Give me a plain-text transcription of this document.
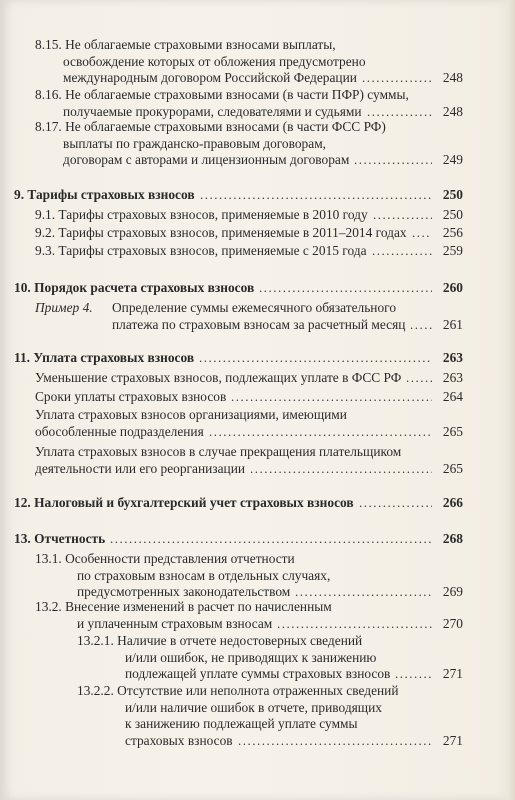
8.15. Не облагаемые страховыми взносами выплаты,
освобождение которых от обложения предусмотрено
международным договором Российской Федерации	248
.....
8.16. Не облагаемые страховыми взносами (в части ПФР) суммы,
получаемые прокурорами, следователями и судьями	248
.....
8.17. Не облагаемые страховыми взносами (в части ФСС РФ)
выплаты по гражданско-правовым договорам,
договорам с авторами и лицензионным договорам	249
.....
9. Тарифы страховых взносов	250
.....
9.1. Тарифы страховых взносов, применяемые в 2010 году	250
.....
9.2. Тарифы страховых взносов, применяемые в 2011–2014 годах	256
.....
9.3. Тарифы страховых взносов, применяемые с 2015 года	259
.....
10. Порядок расчета страховых взносов	260
.....
Пример 4. Определение суммы ежемесячного обязательного
платежа по страховым взносам за расчетный месяц	261
.....
11. Уплата страховых взносов	263
.....
Уменьшение страховых взносов, подлежащих уплате в ФСС РФ	263
.....
Сроки уплаты страховых взносов	264
.....
Уплата страховых взносов организациями, имеющими
обособленные подразделения	265
.....
Уплата страховых взносов в случае прекращения плательщиком
деятельности или его реорганизации	265
.....
12. Налоговый и бухгалтерский учет страховых взносов	266
.....
13. Отчетность	268
.....
13.1. Особенности представления отчетности
по страховым взносам в отдельных случаях,
предусмотренных законодательством	269
.....
13.2. Внесение изменений в расчет по начисленным
и уплаченным страховым взносам	270
.....
13.2.1. Наличие в отчете недостоверных сведений
и/или ошибок, не приводящих к занижению
подлежащей уплате суммы страховых взносов	271
.....
13.2.2. Отсутствие или неполнота отраженных сведений
и/или наличие ошибок в отчете, приводящих
к занижению подлежащей уплате суммы
страховых взносов	271
.....
